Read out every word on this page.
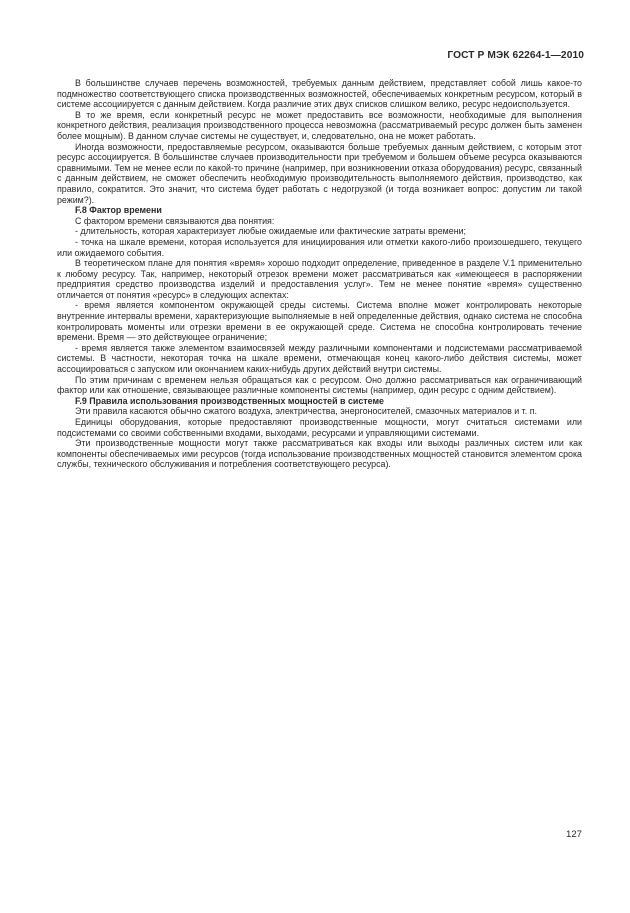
ГОСТ Р МЭК 62264-1—2010

В большинстве случаев перечень возможностей, требуемых данным действием, представляет собой лишь какое-то подмножество соответствующего списка производственных возможностей, обеспечиваемых конкретным ресурсом, который в системе ассоциируется с данным действием. Когда различие этих двух списков слишком велико, ресурс недоиспользуется.

В то же время, если конкретный ресурс не может предоставить все возможности, необходимые для выполнения конкретного действия, реализация производственного процесса невозможна (рассматриваемый ресурс должен быть заменен более мощным). В данном случае системы не существует, и, следовательно, она не может работать.

Иногда возможности, предоставляемые ресурсом, оказываются больше требуемых данным действием, с которым этот ресурс ассоциируется. В большинстве случаев производительности при требуемом и большем объеме ресурса оказываются сравнимыми. Тем не менее если по какой-то причине (например, при возникновении отказа оборудования) ресурс, связанный с данным действием, не сможет обеспечить необходимую производительность выполняемого действия, производство, как правило, сократится. Это значит, что система будет работать с недогрузкой (и тогда возникает вопрос: допустим ли такой режим?).

F.8 Фактор времени

С фактором времени связываются два понятия:

- длительность, которая характеризует любые ожидаемые или фактические затраты времени;

- точка на шкале времени, которая используется для инициирования или отметки какого-либо произошедшего, текущего или ожидаемого события.

В теоретическом плане для понятия «время» хорошо подходит определение, приведенное в разделе V.1 применительно к любому ресурсу. Так, например, некоторый отрезок времени может рассматриваться как «имеющееся в распоряжении предприятия средство производства изделий и предоставления услуг». Тем не менее понятие «время» существенно отличается от понятия «ресурс» в следующих аспектах:

- время является компонентом окружающей среды системы. Система вполне может контролировать некоторые внутренние интервалы времени, характеризующие выполняемые в ней определенные действия, однако система не способна контролировать моменты или отрезки времени в ее окружающей среде. Система не способна контролировать течение времени. Время — это действующее ограничение;

- время является также элементом взаимосвязей между различными компонентами и подсистемами рассматриваемой системы. В частности, некоторая точка на шкале времени, отмечающая конец какого-либо действия системы, может ассоциироваться с запуском или окончанием каких-нибудь других действий внутри системы.

По этим причинам с временем нельзя обращаться как с ресурсом. Оно должно рассматриваться как ограничивающий фактор или как отношение, связывающее различные компоненты системы (например, один ресурс с одним действием).

F.9 Правила использования производственных мощностей в системе

Эти правила касаются обычно сжатого воздуха, электричества, энергоносителей, смазочных материалов и т. п.

Единицы оборудования, которые предоставляют производственные мощности, могут считаться системами или подсистемами со своими собственными входами, выходами, ресурсами и управляющими системами.

Эти производственные мощности могут также рассматриваться как входы или выходы различных систем или как компоненты обеспечиваемых ими ресурсов (тогда использование производственных мощностей становится элементом срока службы, технического обслуживания и потребления соответствующего ресурса).

127
